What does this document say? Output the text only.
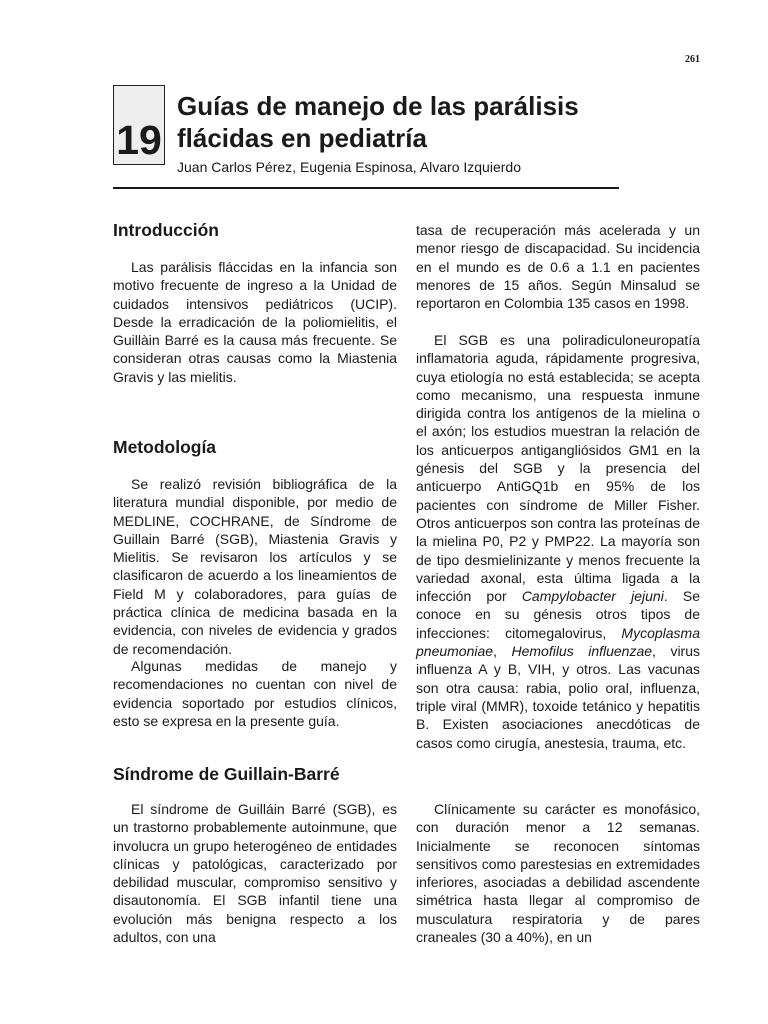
261
19
Guías de manejo de las parálisis flácidas en pediatría
Juan Carlos Pérez, Eugenia Espinosa, Alvaro Izquierdo
Introducción

Las parálisis fláccidas en la infancia son motivo frecuente de ingreso a la Unidad de cuidados intensivos pediátricos (UCIP). Desde la erradicación de la poliomielitis, el Guillàin Barré es la causa más frecuente. Se consideran otras causas como la Miastenia Gravis y las mielitis.

Metodología

Se realizó revisión bibliográfica de la literatura mundial disponible, por medio de MEDLINE, COCHRANE, de Síndrome de Guillain Barré (SGB), Miastenia Gravis y Mielitis. Se revisaron los artículos y se clasificaron de acuerdo a los lineamientos de Field M y colaboradores, para guías de práctica clínica de medicina basada en la evidencia, con niveles de evidencia y grados de recomendación.

Algunas medidas de manejo y recomendaciones no cuentan con nivel de evidencia soportado por estudios clínicos, esto se expresa en la presente guía.

Síndrome de Guillain-Barré

El síndrome de Guilláin Barré (SGB), es un trastorno probablemente autoinmune, que involucra un grupo heterogéneo de entidades clínicas y patológicas, caracterizado por debilidad muscular, compromiso sensitivo y disautonomía. El SGB infantil tiene una evolución más benigna respecto a los adultos, con una

tasa de recuperación más acelerada y un menor riesgo de discapacidad. Su incidencia en el mundo es de 0.6 a 1.1 en pacientes menores de 15 años. Según Minsalud se reportaron en Colombia 135 casos en 1998.

El SGB es una poliradiculoneuropatía inflamatoria aguda, rápidamente progresiva, cuya etiología no está establecida; se acepta como mecanismo, una respuesta inmune dirigida contra los antígenos de la mielina o el axón; los estudios muestran la relación de los anticuerpos antigangliósidos GM1 en la génesis del SGB y la presencia del anticuerpo AntiGQ1b en 95% de los pacientes con síndrome de Miller Fisher. Otros anticuerpos son contra las proteínas de la mielina P0, P2 y PMP22. La mayoría son de tipo desmielinizante y menos frecuente la variedad axonal, esta última ligada a la infección por Campylobacter jejuni. Se conoce en su génesis otros tipos de infecciones: citomegalovirus, Mycoplasma pneumoniae, Hemofilus influenzae, virus influenza A y B, VIH, y otros. Las vacunas son otra causa: rabia, polio oral, influenza, triple viral (MMR), toxoide tetánico y hepatitis B. Existen asociaciones anecdóticas de casos como cirugía, anestesia, trauma, etc.

Clínicamente su carácter es monofásico, con duración menor a 12 semanas. Inicialmente se reconocen síntomas sensitivos como parestesias en extremidades inferiores, asociadas a debilidad ascendente simétrica hasta llegar al compromiso de musculatura respiratoria y de pares craneales (30 a 40%), en un
